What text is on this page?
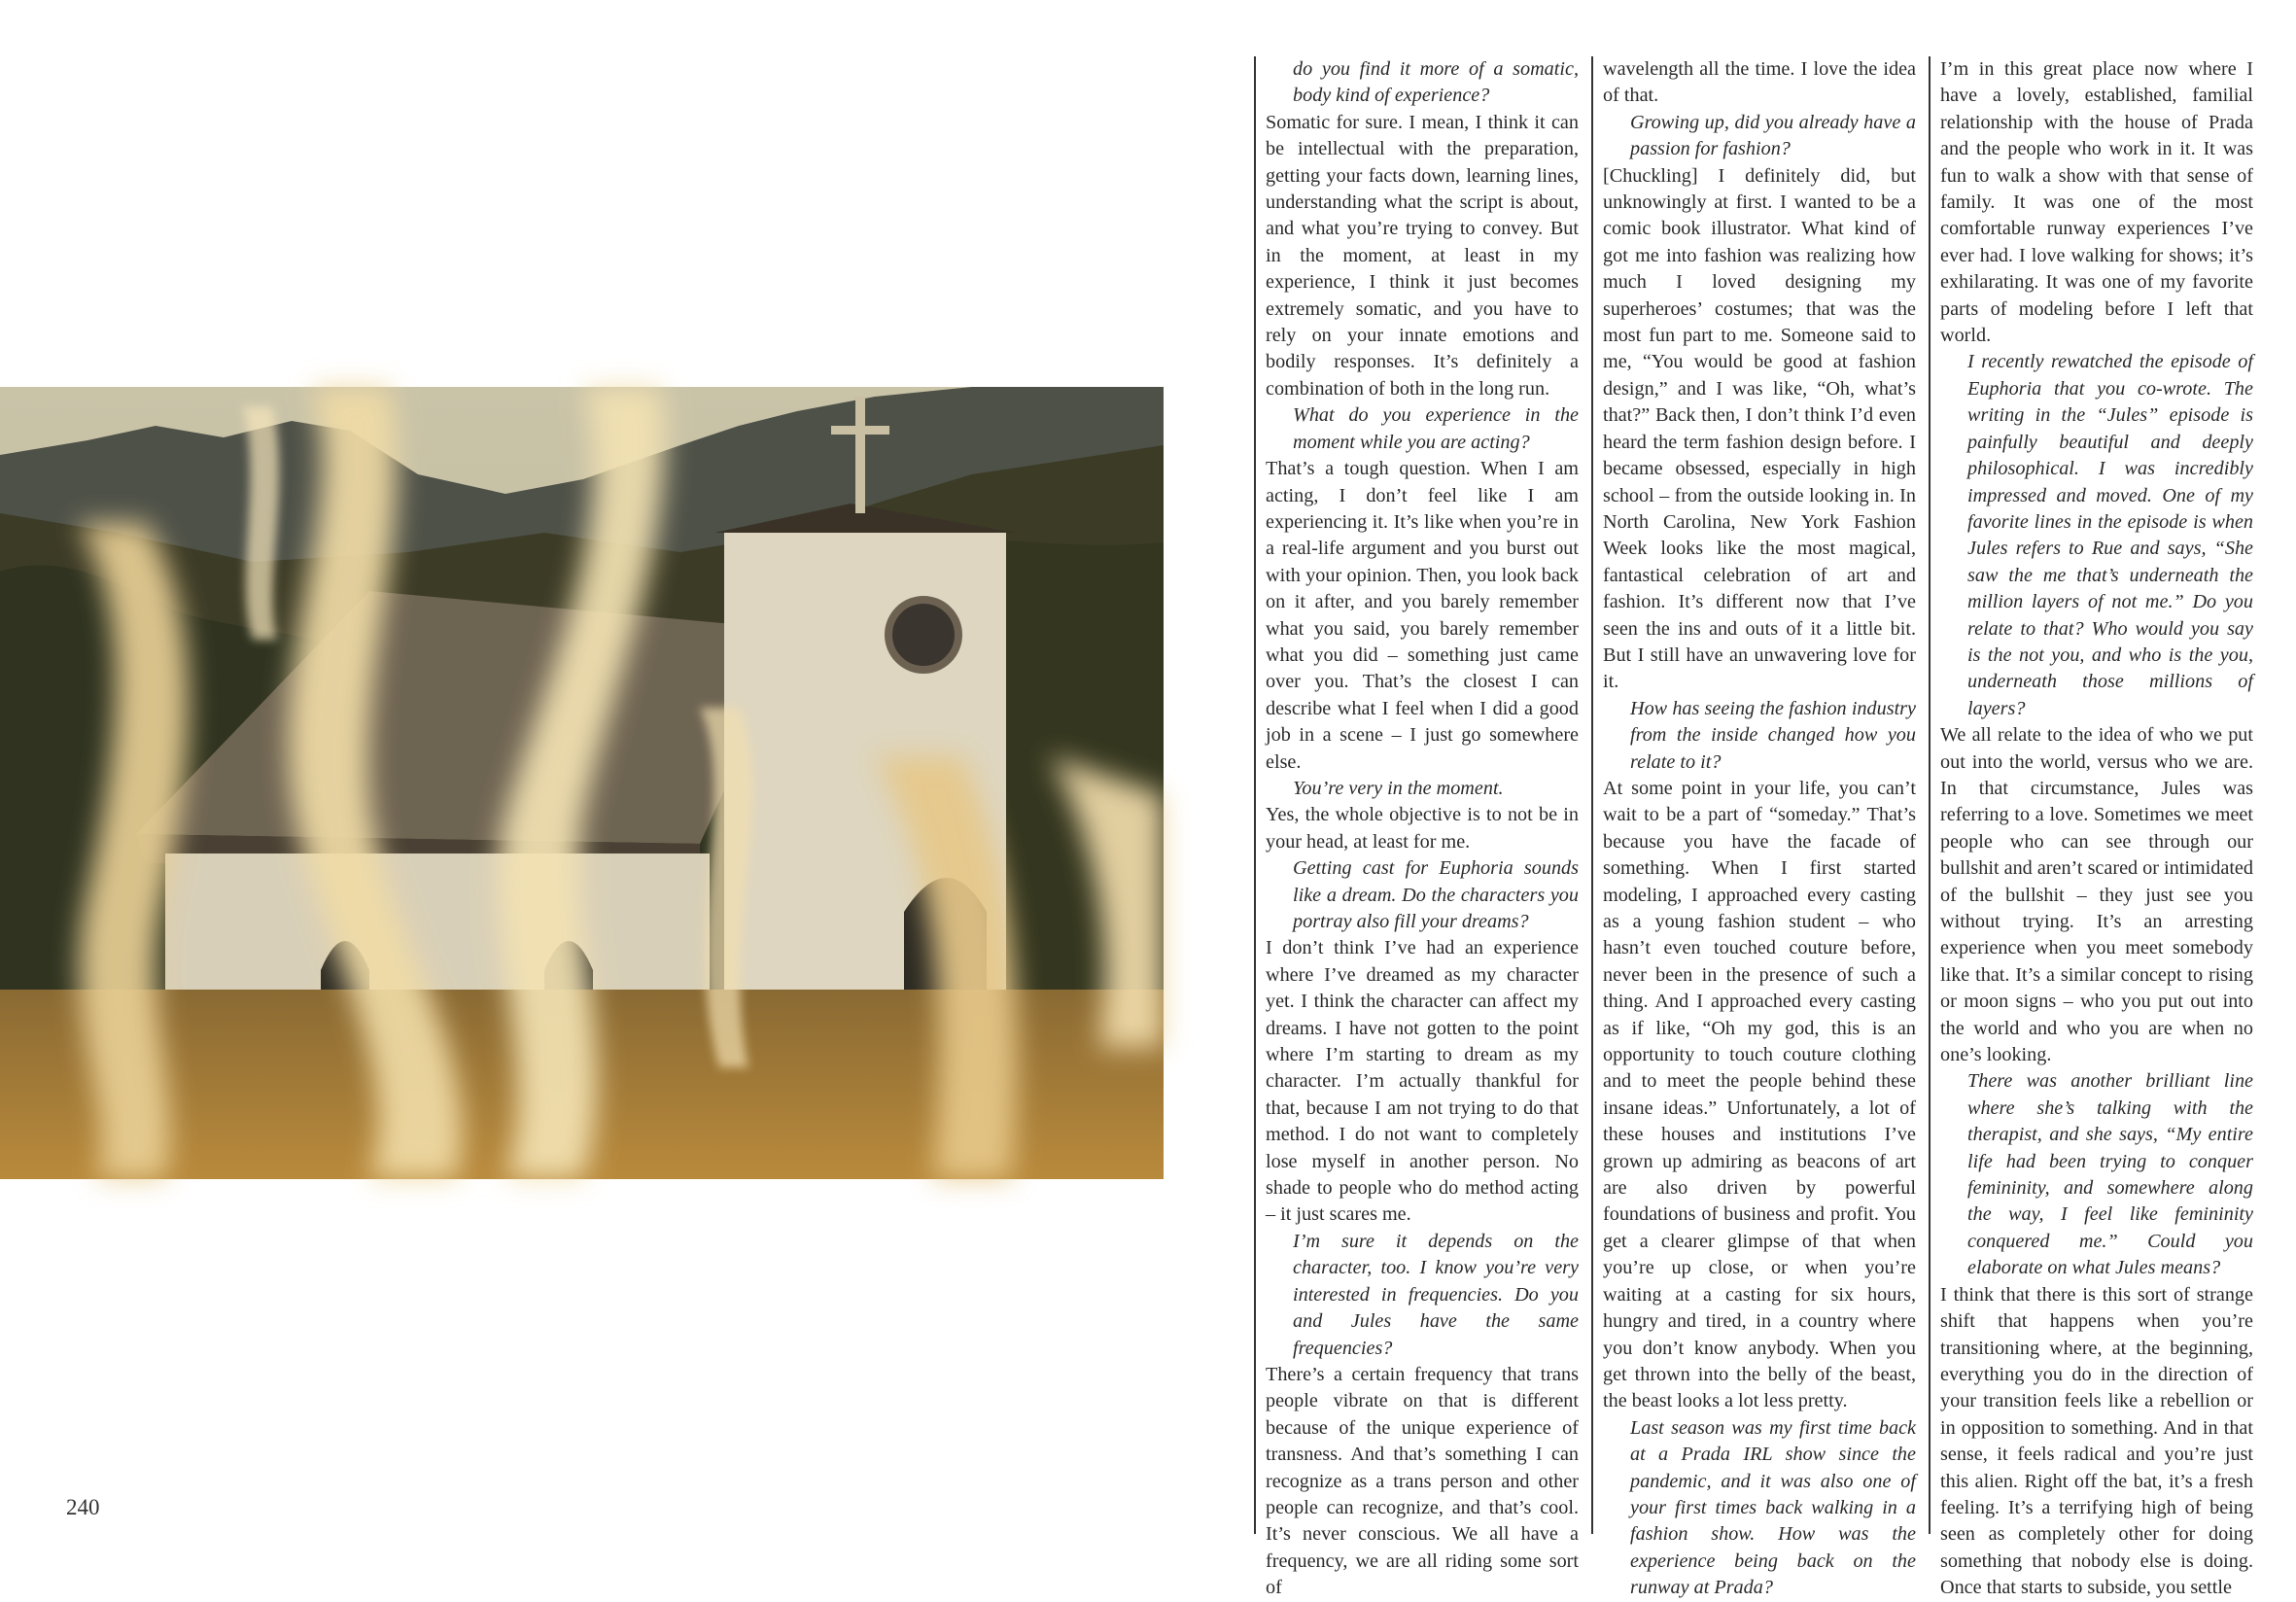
240

do you find it more of a somatic, body kind of experience?

Somatic for sure. I mean, I think it can be intellectual with the preparation, getting your facts down, learning lines, understanding what the script is about, and what you’re trying to convey. But in the moment, at least in my experience, I think it just becomes extremely somatic, and you have to rely on your innate emotions and bodily responses. It’s definitely a combination of both in the long run.

What do you experience in the moment while you are acting?

That’s a tough question. When I am acting, I don’t feel like I am experiencing it. It’s like when you’re in a real-life argument and you burst out with your opinion. Then, you look back on it after, and you barely remember what you said, you barely remember what you did – something just came over you. That’s the closest I can describe what I feel when I did a good job in a scene – I just go somewhere else.

You’re very in the moment.

Yes, the whole objective is to not be in your head, at least for me.

Getting cast for Euphoria sounds like a dream. Do the characters you portray also fill your dreams?

I don’t think I’ve had an experience where I’ve dreamed as my character yet. I think the character can affect my dreams. I have not gotten to the point where I’m starting to dream as my character. I’m actually thankful for that, because I am not trying to do that method. I do not want to completely lose myself in another person. No shade to people who do method acting – it just scares me.

I’m sure it depends on the character, too. I know you’re very interested in frequencies. Do you and Jules have the same frequencies?

There’s a certain frequency that trans people vibrate on that is different because of the unique experience of transness. And that’s something I can recognize as a trans person and other people can recognize, and that’s cool. It’s never conscious. We all have a frequency, we are all riding some sort of

wavelength all the time. I love the idea of that.

Growing up, did you already have a passion for fashion?

[Chuckling] I definitely did, but unknowingly at first. I wanted to be a comic book illustrator. What kind of got me into fashion was realizing how much I loved designing my superheroes’ costumes; that was the most fun part to me. Someone said to me, “You would be good at fashion design,” and I was like, “Oh, what’s that?” Back then, I don’t think I’d even heard the term fashion design before. I became obsessed, especially in high school – from the outside looking in. In North Carolina, New York Fashion Week looks like the most magical, fantastical celebration of art and fashion. It’s different now that I’ve seen the ins and outs of it a little bit. But I still have an unwavering love for it.

How has seeing the fashion industry from the inside changed how you relate to it?

At some point in your life, you can’t wait to be a part of “someday.” That’s because you have the facade of something. When I first started modeling, I approached every casting as a young fashion student – who hasn’t even touched couture before, never been in the presence of such a thing. And I approached every casting as if like, “Oh my god, this is an opportunity to touch couture clothing and to meet the people behind these insane ideas.” Unfortunately, a lot of these houses and institutions I’ve grown up admiring as beacons of art are also driven by powerful foundations of business and profit. You get a clearer glimpse of that when you’re up close, or when you’re waiting at a casting for six hours, hungry and tired, in a country where you don’t know anybody. When you get thrown into the belly of the beast, the beast looks a lot less pretty.

Last season was my first time back at a Prada IRL show since the pandemic, and it was also one of your first times back walking in a fashion show. How was the experience being back on the runway at Prada?

I’m in this great place now where I have a lovely, established, familial relationship with the house of Prada and the people who work in it. It was fun to walk a show with that sense of family. It was one of the most comfortable runway experiences I’ve ever had. I love walking for shows; it’s exhilarating. It was one of my favorite parts of modeling before I left that world.

I recently rewatched the episode of Euphoria that you co-wrote. The writing in the “Jules” episode is painfully beautiful and deeply philosophical. I was incredibly impressed and moved. One of my favorite lines in the episode is when Jules refers to Rue and says, “She saw the me that’s underneath the million layers of not me.” Do you relate to that? Who would you say is the not you, and who is the you, underneath those millions of layers?

We all relate to the idea of who we put out into the world, versus who we are. In that circumstance, Jules was referring to a love. Sometimes we meet people who can see through our bullshit and aren’t scared or intimidated of the bullshit – they just see you without trying. It’s an arresting experience when you meet somebody like that. It’s a similar concept to rising or moon signs – who you put out into the world and who you are when no one’s looking.

There was another brilliant line where she’s talking with the therapist, and she says, “My entire life had been trying to conquer femininity, and somewhere along the way, I feel like femininity conquered me.” Could you elaborate on what Jules means?

I think that there is this sort of strange shift that happens when you’re transitioning where, at the beginning, everything you do in the direction of your transition feels like a rebellion or in opposition to something. And in that sense, it feels radical and you’re just this alien. Right off the bat, it’s a fresh feeling. It’s a terrifying high of being seen as completely other for doing something that nobody else is doing. Once that starts to subside, you settle
